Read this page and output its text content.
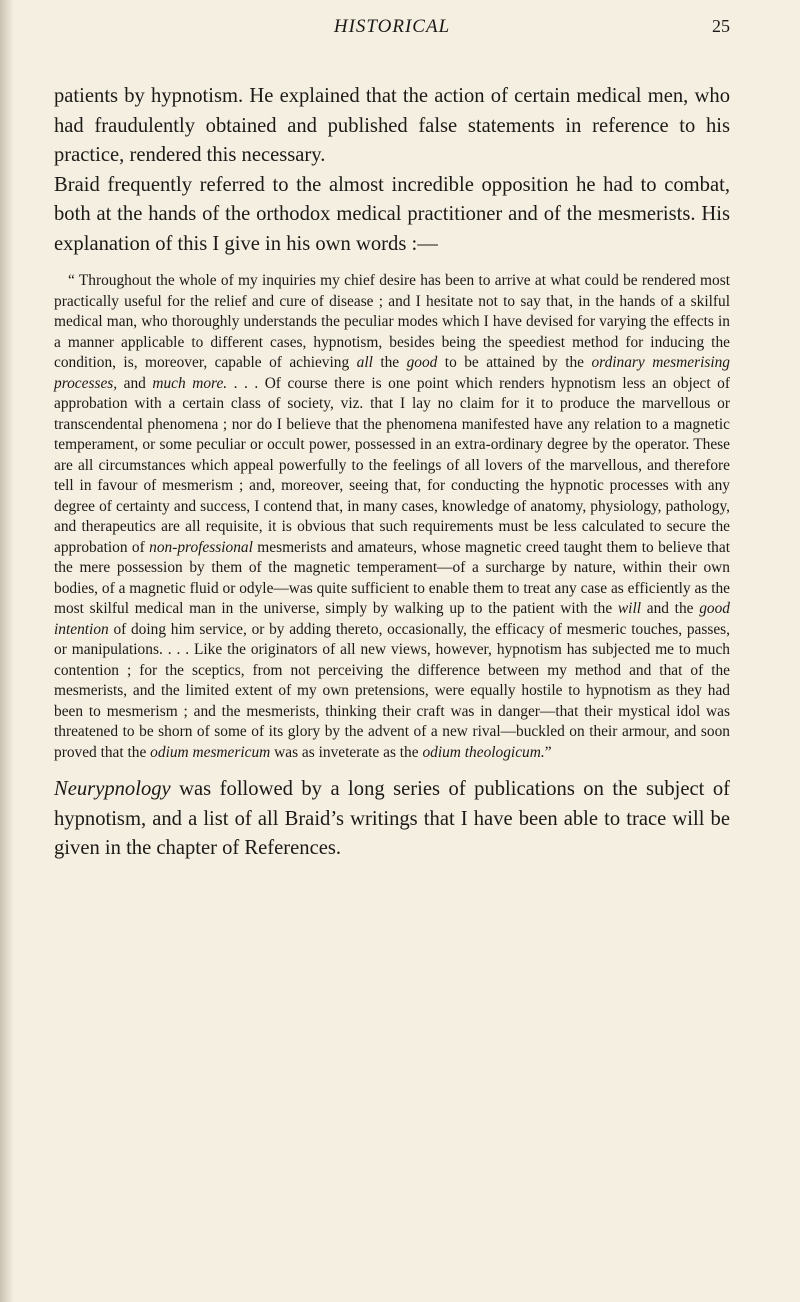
HISTORICAL	25

patients by hypnotism. He explained that the action of certain medical men, who had fraudulently obtained and published false statements in reference to his practice, rendered this necessary.

Braid frequently referred to the almost incredible opposition he had to combat, both at the hands of the orthodox medical practitioner and of the mesmerists. His explanation of this I give in his own words :—

“ Throughout the whole of my inquiries my chief desire has been to arrive at what could be rendered most practically useful for the relief and cure of disease ; and I hesitate not to say that, in the hands of a skilful medical man, who thoroughly understands the peculiar modes which I have devised for varying the effects in a manner applicable to different cases, hypnotism, besides being the speediest method for inducing the condition, is, moreover, capable of achieving all the good to be attained by the ordinary mesmerising processes, and much more. . . . Of course there is one point which renders hypnotism less an object of approbation with a certain class of society, viz. that I lay no claim for it to produce the marvellous or transcendental phenomena ; nor do I believe that the phenomena manifested have any relation to a magnetic temperament, or some peculiar or occult power, possessed in an extra-ordinary degree by the operator. These are all circumstances which appeal powerfully to the feelings of all lovers of the marvellous, and therefore tell in favour of mesmerism ; and, moreover, seeing that, for conducting the hypnotic processes with any degree of certainty and success, I contend that, in many cases, knowledge of anatomy, physiology, pathology, and therapeutics are all requisite, it is obvious that such requirements must be less calculated to secure the approbation of non-professional mesmerists and amateurs, whose magnetic creed taught them to believe that the mere possession by them of the magnetic temperament—of a surcharge by nature, within their own bodies, of a magnetic fluid or odyle—was quite sufficient to enable them to treat any case as efficiently as the most skilful medical man in the universe, simply by walking up to the patient with the will and the good intention of doing him service, or by adding thereto, occasionally, the efficacy of mesmeric touches, passes, or manipulations. . . . Like the originators of all new views, however, hypnotism has subjected me to much contention ; for the sceptics, from not perceiving the difference between my method and that of the mesmerists, and the limited extent of my own pretensions, were equally hostile to hypnotism as they had been to mesmerism ; and the mesmerists, thinking their craft was in danger—that their mystical idol was threatened to be shorn of some of its glory by the advent of a new rival—buckled on their armour, and soon proved that the odium mesmericum was as inveterate as the odium theologicum.”

Neurypnology was followed by a long series of publications on the subject of hypnotism, and a list of all Braid’s writings that I have been able to trace will be given in the chapter of References.
